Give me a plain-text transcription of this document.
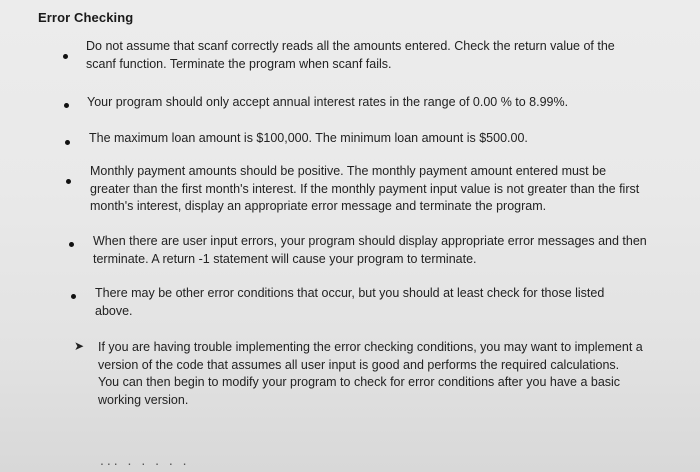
Error Checking
Do not assume that scanf correctly reads all the amounts entered. Check the return value of the scanf function. Terminate the program when scanf fails.
Your program should only accept annual interest rates in the range of 0.00 % to 8.99%.
The maximum loan amount is $100,000. The minimum loan amount is $500.00.
Monthly payment amounts should be positive. The monthly payment amount entered must be greater than the first month's interest. If the monthly payment input value is not greater than the first month's interest, display an appropriate error message and terminate the program.
When there are user input errors, your program should display appropriate error messages and then terminate. A return -1 statement will cause your program to terminate.
There may be other error conditions that occur, but you should at least check for those listed above.
➤ If you are having trouble implementing the error checking conditions, you may want to implement a version of the code that assumes all user input is good and performs the required calculations. You can then begin to modify your program to check for error conditions after you have a basic working version.
... . . . . .
